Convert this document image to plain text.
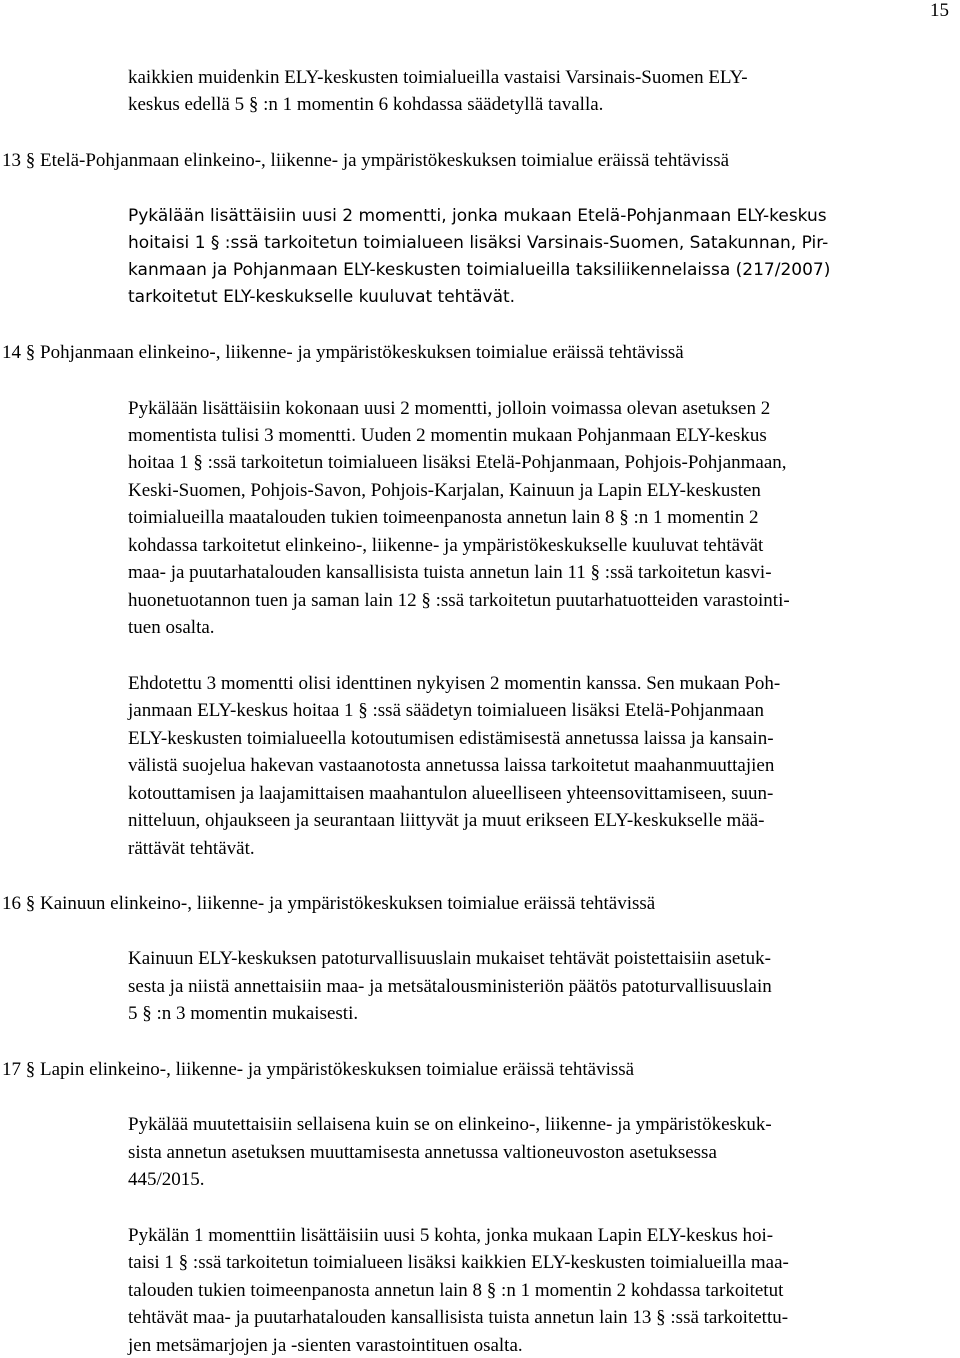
15
kaikkien muidenkin ELY-keskusten toimialueilla vastaisi Varsinais-Suomen ELY-
keskus edellä 5 § :n 1 momentin 6 kohdassa säädetyllä tavalla.
13 § Etelä-Pohjanmaan elinkeino-, liikenne- ja ympäristökeskuksen toimialue eräissä tehtävissä
Pykälään lisättäisiin uusi 2 momentti, jonka mukaan Etelä-Pohjanmaan ELY-keskus
hoitaisi 1 § :ssä tarkoitetun toimialueen lisäksi Varsinais-Suomen, Satakunnan, Pir-
kanmaan ja Pohjanmaan ELY-keskusten toimialueilla taksiliikennelaissa (217/2007)
tarkoitetut ELY-keskukselle kuuluvat tehtävät.
14 § Pohjanmaan elinkeino-, liikenne- ja ympäristökeskuksen toimialue eräissä tehtävissä
Pykälään lisättäisiin kokonaan uusi 2 momentti, jolloin voimassa olevan asetuksen 2
momentista tulisi 3 momentti. Uuden 2 momentin mukaan Pohjanmaan ELY-keskus
hoitaa 1 § :ssä tarkoitetun toimialueen lisäksi Etelä-Pohjanmaan, Pohjois-Pohjanmaan,
Keski-Suomen, Pohjois-Savon, Pohjois-Karjalan, Kainuun ja Lapin ELY-keskusten
toimialueilla maatalouden tukien toimeenpanosta annetun lain 8 § :n 1 momentin 2
kohdassa tarkoitetut elinkeino-, liikenne- ja ympäristökeskukselle kuuluvat tehtävät
maa- ja puutarhatalouden kansallisista tuista annetun lain 11 § :ssä tarkoitetun kasvi-
huonetuotannon tuen ja saman lain 12 § :ssä tarkoitetun puutarhatuotteiden varastointi-
tuen osalta.
Ehdotettu 3 momentti olisi identtinen nykyisen 2 momentin kanssa. Sen mukaan Poh-
janmaan ELY-keskus hoitaa 1 § :ssä säädetyn toimialueen lisäksi Etelä-Pohjanmaan
ELY-keskusten toimialueella kotoutumisen edistämisestä annetussa laissa ja kansain-
välistä suojelua hakevan vastaanotosta annetussa laissa tarkoitetut maahanmuuttajien
kotouttamisen ja laajamittaisen maahantulon alueelliseen yhteensovittamiseen, suun-
nitteluun, ohjaukseen ja seurantaan liittyvät ja muut erikseen ELY-keskukselle mää-
rättävät tehtävät.
16 § Kainuun elinkeino-, liikenne- ja ympäristökeskuksen toimialue eräissä tehtävissä
Kainuun ELY-keskuksen patoturvallisuuslain mukaiset tehtävät poistettaisiin asetuk-
sesta ja niistä annettaisiin maa- ja metsätalousministeriön päätös patoturvallisuuslain
5 § :n 3 momentin mukaisesti.
17 § Lapin elinkeino-, liikenne- ja ympäristökeskuksen toimialue eräissä tehtävissä
Pykälää muutettaisiin sellaisena kuin se on elinkeino-, liikenne- ja ympäristökeskuk-
sista annetun asetuksen muuttamisesta annetussa valtioneuvoston asetuksessa
445/2015.
Pykälän 1 momenttiin lisättäisiin uusi 5 kohta, jonka mukaan Lapin ELY-keskus hoi-
taisi 1 § :ssä tarkoitetun toimialueen lisäksi kaikkien ELY-keskusten toimialueilla maa-
talouden tukien toimeenpanosta annetun lain 8 § :n 1 momentin 2 kohdassa tarkoitetut
tehtävät maa- ja puutarhatalouden kansallisista tuista annetun lain 13 § :ssä tarkoitettu-
jen metsämarjojen ja -sienten varastointituen osalta.
